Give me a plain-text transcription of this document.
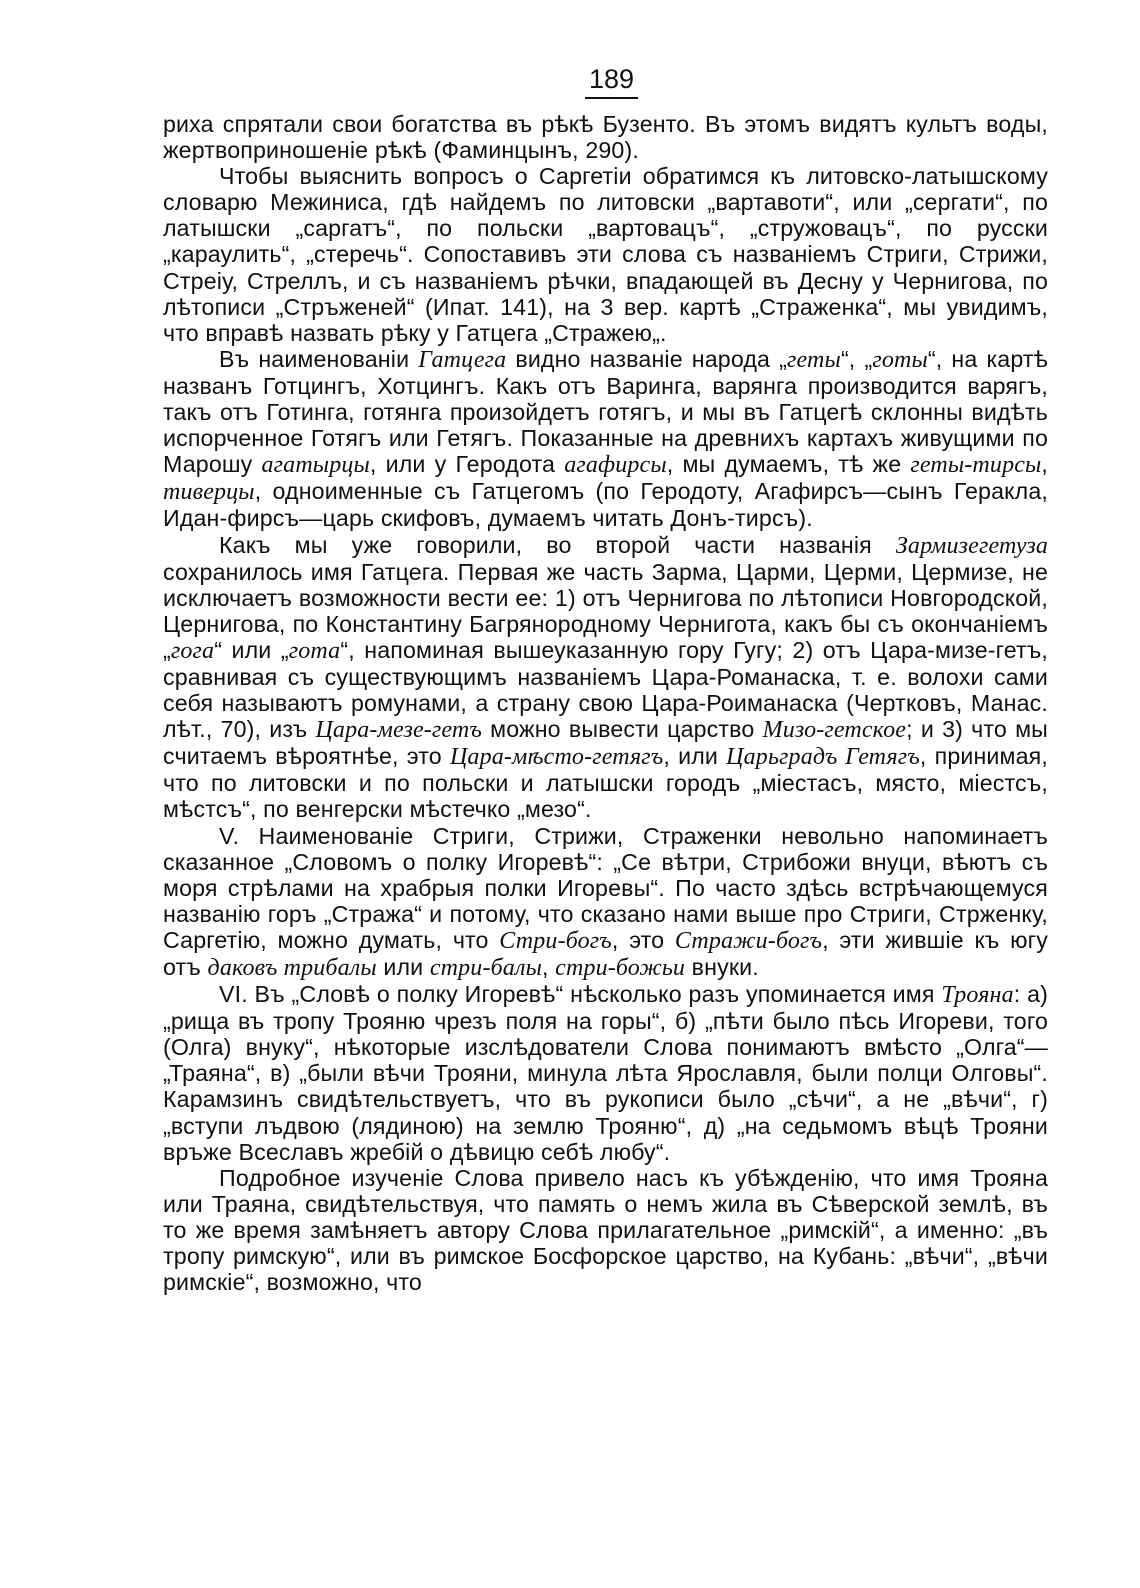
189

риха спрятали свои богатства въ рѣкѣ Бузенто. Въ этомъ видятъ культъ воды, жертвоприношеніе рѣкѣ (Фаминцынъ, 290).

Чтобы выяснить вопросъ о Саргетіи обратимся къ литовско-латышскому словарю Межиниса, гдѣ найдемъ по литовски „вартавоти“, или „сергати“, по латышски „саргатъ“, по польски „вартовацъ“, „стружовацъ“, по русски „караулить“, „стеречь“. Сопоставивъ эти слова съ названіемъ Стриги, Стрижи, Стреіу, Стреллъ, и съ названіемъ рѣчки, впадающей въ Десну у Чернигова, по лѣтописи „Стръженей“ (Ипат. 141), на 3 вер. картѣ „Страженка“, мы увидимъ, что вправѣ назвать рѣку у Гатцега „Стражею„.

Въ наименованіи Гатцега видно названіе народа „геты“, „готы“, на картѣ названъ Готцингъ, Хотцингъ. Какъ отъ Варинга, варянга производится варягъ, такъ отъ Готинга, готянга произойдетъ готягъ, и мы въ Гатцегѣ склонны видѣть испорченное Готягъ или Гетягъ. Показанные на древнихъ картахъ живущими по Марошу агатырцы, или у Геродота агафирсы, мы думаемъ, тѣ же геты-тирсы, тиверцы, одноименные съ Гатцегомъ (по Геродоту, Агафирсъ—сынъ Геракла, Идан-фирсъ—царь скифовъ, думаемъ читать Донъ-тирсъ).

Какъ мы уже говорили, во второй части названія Зармизегетуза сохранилось имя Гатцега. Первая же часть Зарма, Царми, Церми, Цермизе, не исключаетъ возможности вести ее: 1) отъ Чернигова по лѣтописи Новгородской, Цернигова, по Константину Багрянородному Черниготa, какъ бы съ окончаніемъ „гога“ или „гота“, напоминая вышеуказанную гору Гугу; 2) отъ Цара-мизе-гетъ, сравнивая съ существующимъ названіемъ Цара-Романаска, т. е. волохи сами себя называютъ ромунами, а страну свою Цара-Роиманаска (Чертковъ, Манас. лѣт., 70), изъ Цара-мезе-гетъ можно вывести царство Мизо-гетское; и 3) что мы считаемъ вѣроятнѣе, это Цара-мѣсто-гетягъ, или Царьградъ Гетягъ, принимая, что по литовски и по польски и латышски городъ „міестасъ, място, міестсъ, мѣстсъ“, по венгерски мѣстечко „мезо“.

V. Наименованіе Стриги, Стрижи, Страженки невольно напоминаетъ сказанное „Словомъ о полку Игоревѣ“: „Се вѣтри, Стрибожи внуци, вѣютъ съ моря стрѣлами на храбрыя полки Игоревы“. По часто здѣсь встрѣчающемуся названію горъ „Стража“ и потому, что сказано нами выше про Стриги, Стрженку, Саргетію, можно думать, что Стри-богъ, это Стражи-богъ, эти жившіе къ югу отъ даковъ трибалы или стри-балы, стри-божьи внуки.

VI. Въ „Словѣ о полку Игоревѣ“ нѣсколько разъ упоминается имя Трояна: а) „рища въ тропу Трояню чрезъ поля на горы“, б) „пѣти было пѣсь Игореви, того (Олга) внуку“, нѣкоторые изслѣдователи Слова понимаютъ вмѣсто „Олга“—„Траяна“, в) „были вѣчи Трояни, минула лѣта Ярославля, были полци Олговы“. Карамзинъ свидѣтельствуетъ, что въ рукописи было „сѣчи“, а не „вѣчи“, г) „вступи лъдвою (лядиною) на землю Трояню“, д) „на седьмомъ вѣцѣ Трояни връже Всеславъ жребій о дѣвицю себѣ любу“.

Подробное изученіе Слова привело насъ къ убѣжденію, что имя Трояна или Траяна, свидѣтельствуя, что память о немъ жила въ Сѣверской землѣ, въ то же время замѣняетъ автору Слова прилагательное „римскій“, а именно: „въ тропу римскую“, или въ римское Босфорское царство, на Кубань: „вѣчи“, „вѣчи римскіе“, возможно, что
